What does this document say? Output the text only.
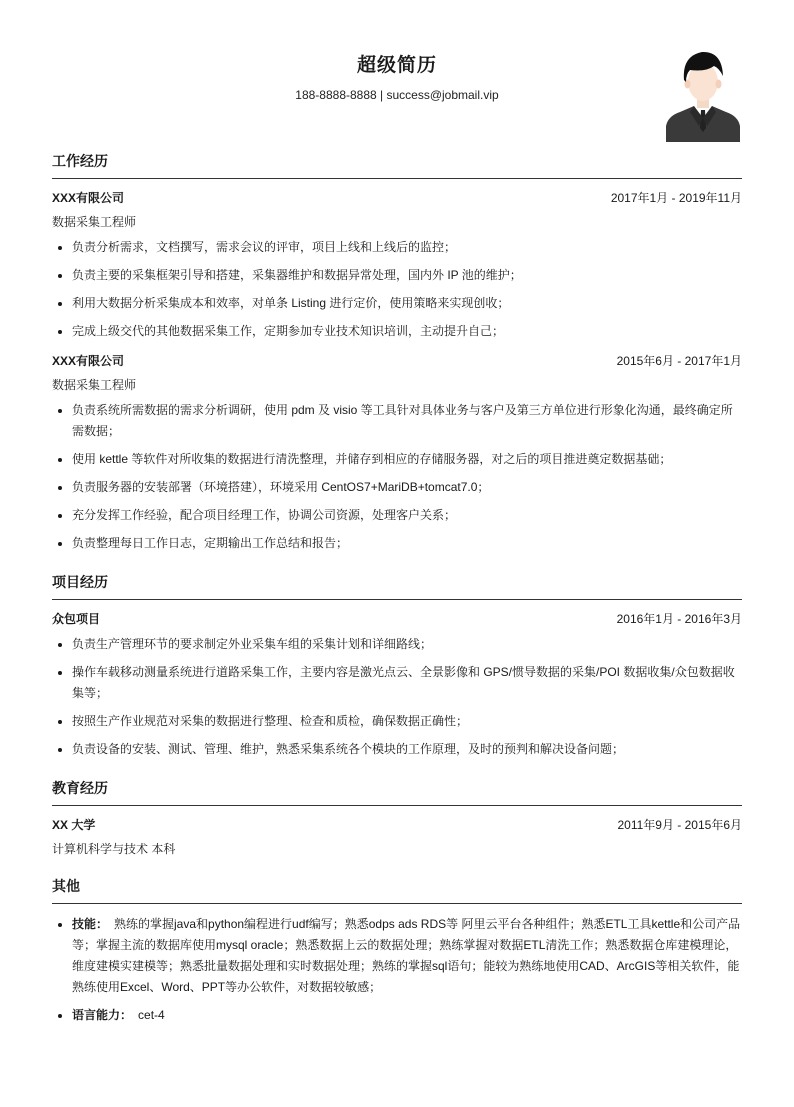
超级简历
188-8888-8888 | success@jobmail.vip
工作经历
XXX有限公司	2017年1月 - 2019年11月
数据采集工程师
• 负责分析需求，文档撰写，需求会议的评审，项目上线和上线后的监控；
• 负责主要的采集框架引导和搭建，采集器维护和数据异常处理，国内外 IP 池的维护；
• 利用大数据分析采集成本和效率，对单条 Listing 进行定价，使用策略来实现创收；
• 完成上级交代的其他数据采集工作，定期参加专业技术知识培训，主动提升自己；
XXX有限公司	2015年6月 - 2017年1月
数据采集工程师
• 负责系统所需数据的需求分析调研，使用 pdm 及 visio 等工具针对具体业务与客户及第三方单位进行形象化沟通，最终确定所需数据；
• 使用 kettle 等软件对所收集的数据进行清洗整理，并储存到相应的存储服务器，对之后的项目推进奠定数据基础；
• 负责服务器的安装部署（环境搭建），环境采用 CentOS7+MariDB+tomcat7.0；
• 充分发挥工作经验，配合项目经理工作，协调公司资源，处理客户关系；
• 负责整理每日工作日志，定期输出工作总结和报告；
项目经历
众包项目	2016年1月 - 2016年3月
• 负责生产管理环节的要求制定外业采集车组的采集计划和详细路线；
• 操作车载移动测量系统进行道路采集工作，主要内容是激光点云、全景影像和 GPS/惯导数据的采集/POI 数据收集/众包数据收集等；
• 按照生产作业规范对采集的数据进行整理、检查和质检，确保数据正确性；
• 负责设备的安装、测试、管理、维护，熟悉采集系统各个模块的工作原理，及时的预判和解决设备问题；
教育经历
XX 大学	2011年9月 - 2015年6月
计算机科学与技术 本科
其他
• 技能： 熟练的掌握java和python编程进行udf编写；熟悉odps ads RDS等 阿里云平台各种组件；熟悉ETL工具kettle和公司产品等；掌握主流的数据库使用mysql oracle；熟悉数据上云的数据处理；熟练掌握对数据ETL清洗工作；熟悉数据仓库建模理论，维度建模实建模等；熟悉批量数据处理和实时数据处理；熟练的掌握sql语句；能较为熟练地使用CAD、ArcGIS等相关软件，能熟练使用Excel、Word、PPT等办公软件，对数据较敏感；
• 语言能力： cet-4
